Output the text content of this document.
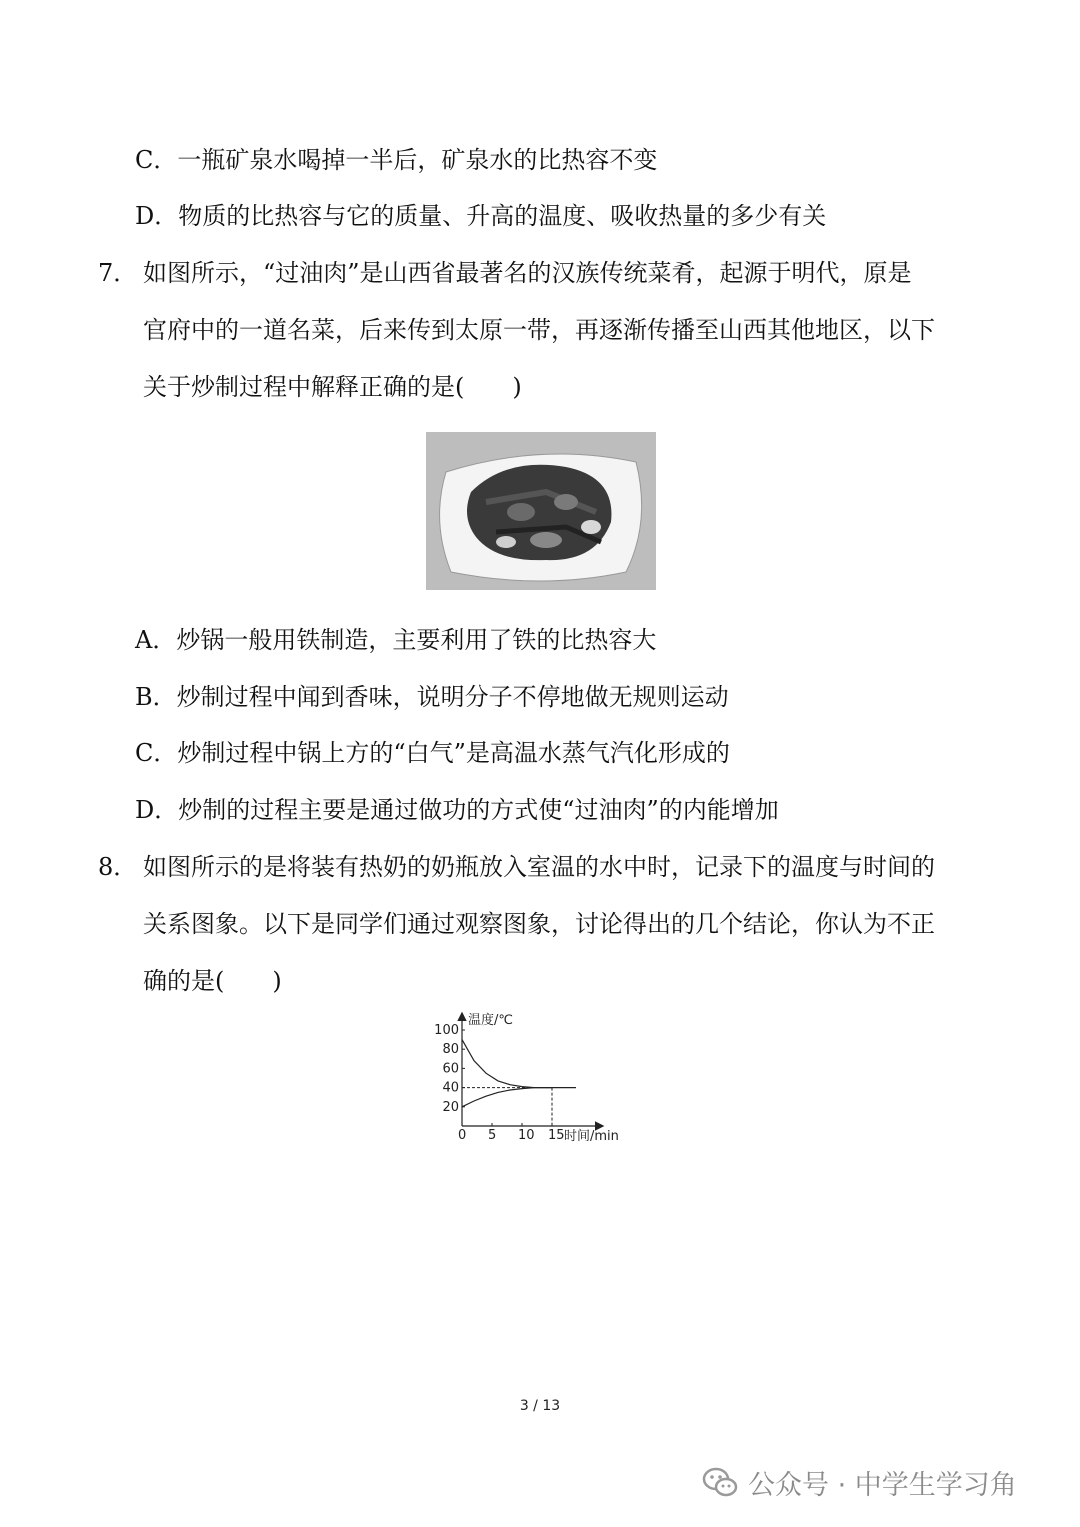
C．一瓶矿泉水喝掉一半后，矿泉水的比热容不变
D．物质的比热容与它的质量、升高的温度、吸收热量的多少有关
7． 如图所示，“过油肉”是山西省最著名的汉族传统菜肴，起源于明代，原是
官府中的一道名菜，后来传到太原一带，再逐渐传播至山西其他地区，以下
关于炒制过程中解释正确的是(　　)
A．炒锅一般用铁制造，主要利用了铁的比热容大
B．炒制过程中闻到香味，说明分子不停地做无规则运动
C．炒制过程中锅上方的“白气”是高温水蒸气汽化形成的
D．炒制的过程主要是通过做功的方式使“过油肉”的内能增加
8． 如图所示的是将装有热奶的奶瓶放入室温的水中时，记录下的温度与时间的
关系图象。以下是同学们通过观察图象，讨论得出的几个结论，你认为不正
确的是(　　)
温度/℃
时间/min
0 5 10 15
20
40
60
80
100
3 / 13
公众号 · 中学生学习角
